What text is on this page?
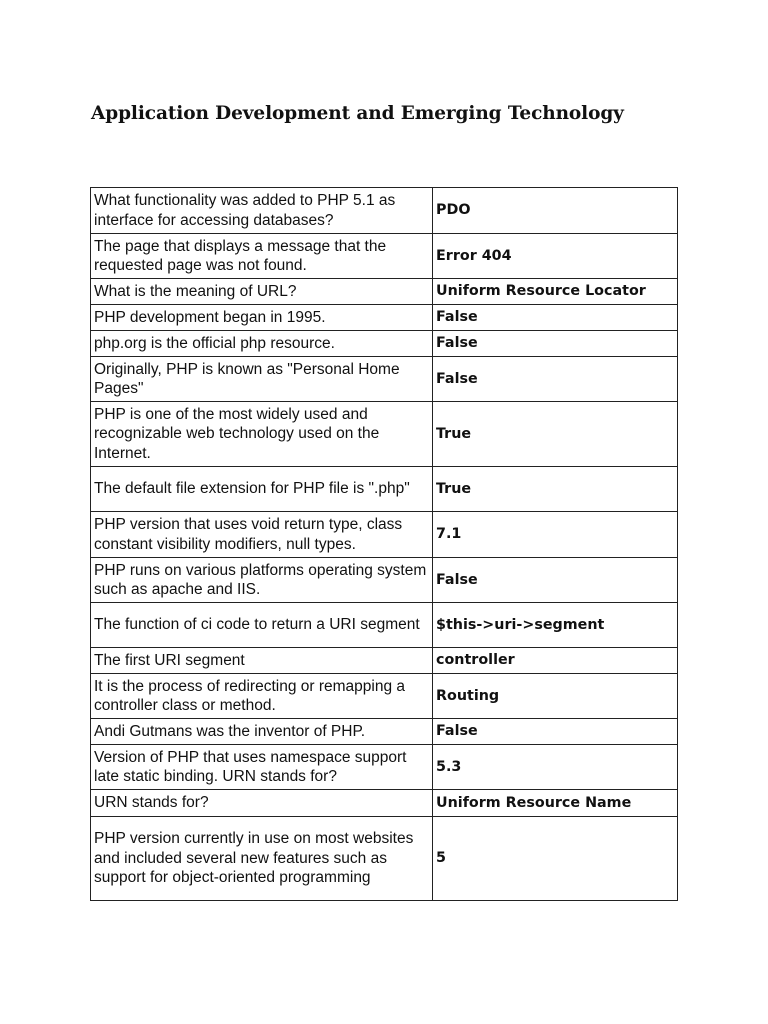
Application Development and Emerging Technology
What functionality was added to PHP 5.1 as interface for accessing databases?	PDO
The page that displays a message that the requested page was not found.	Error 404
What is the meaning of URL?	Uniform Resource Locator
PHP development began in 1995.	False
php.org is the official php resource.	False
Originally, PHP is known as "Personal Home Pages"	False
PHP is one of the most widely used and recognizable web technology used on the Internet.	True
The default file extension for PHP file is ".php"	True
PHP version that uses void return type, class constant visibility modifiers, null types.	7.1
PHP runs on various platforms operating system such as apache and IIS.	False
The function of ci code to return a URI segment	$this->uri->segment
The first URI segment	controller
It is the process of redirecting or remapping a controller class or method.	Routing
Andi Gutmans was the inventor of PHP.	False
Version of PHP that uses namespace support late static binding. URN stands for?	5.3
URN stands for?	Uniform Resource Name
PHP version currently in use on most websites and included several new features such as support for object-oriented programming	5
